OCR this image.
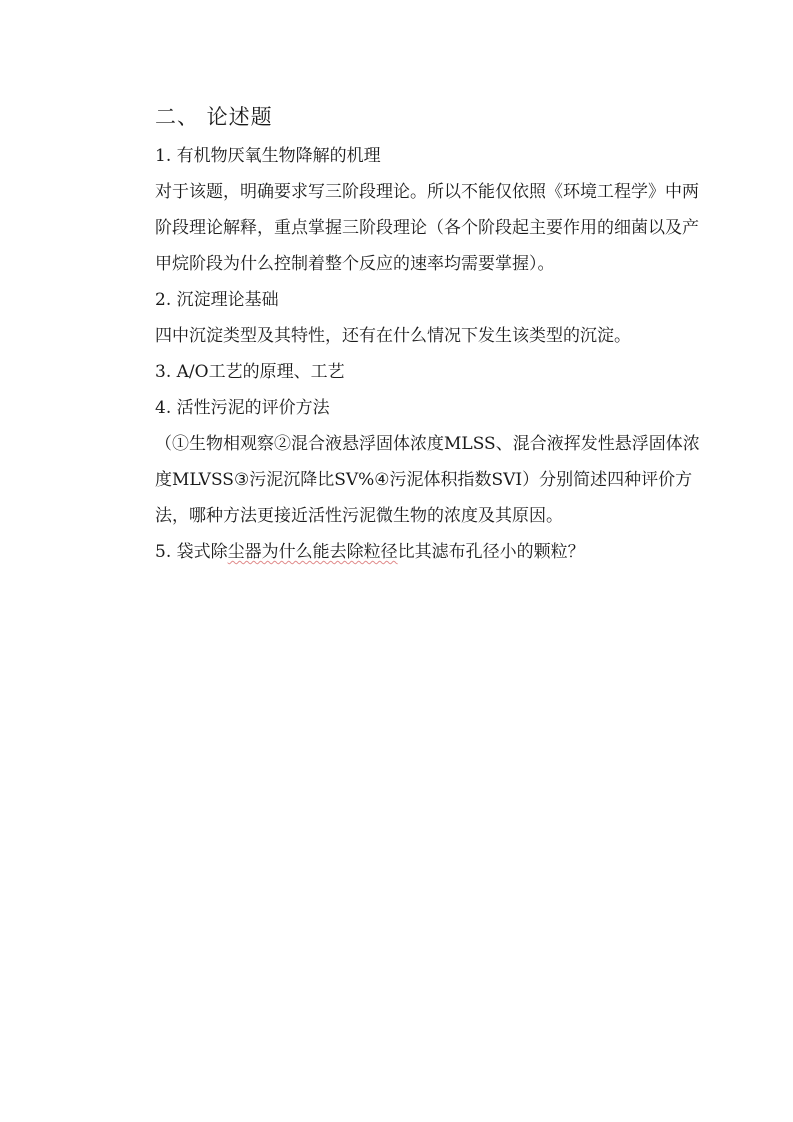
二、 论述题

1. 有机物厌氧生物降解的机理

对于该题，明确要求写三阶段理论。所以不能仅依照《环境工程学》中两阶段理论解释，重点掌握三阶段理论（各个阶段起主要作用的细菌以及产甲烷阶段为什么控制着整个反应的速率均需要掌握）。

2. 沉淀理论基础

四中沉淀类型及其特性，还有在什么情况下发生该类型的沉淀。

3. A/O工艺的原理、工艺

4. 活性污泥的评价方法

（①生物相观察②混合液悬浮固体浓度MLSS、混合液挥发性悬浮固体浓度MLVSS③污泥沉降比SV%④污泥体积指数SVI）分别简述四种评价方法，哪种方法更接近活性污泥微生物的浓度及其原因。

5. 袋式除尘器为什么能去除粒径比其滤布孔径小的颗粒？
